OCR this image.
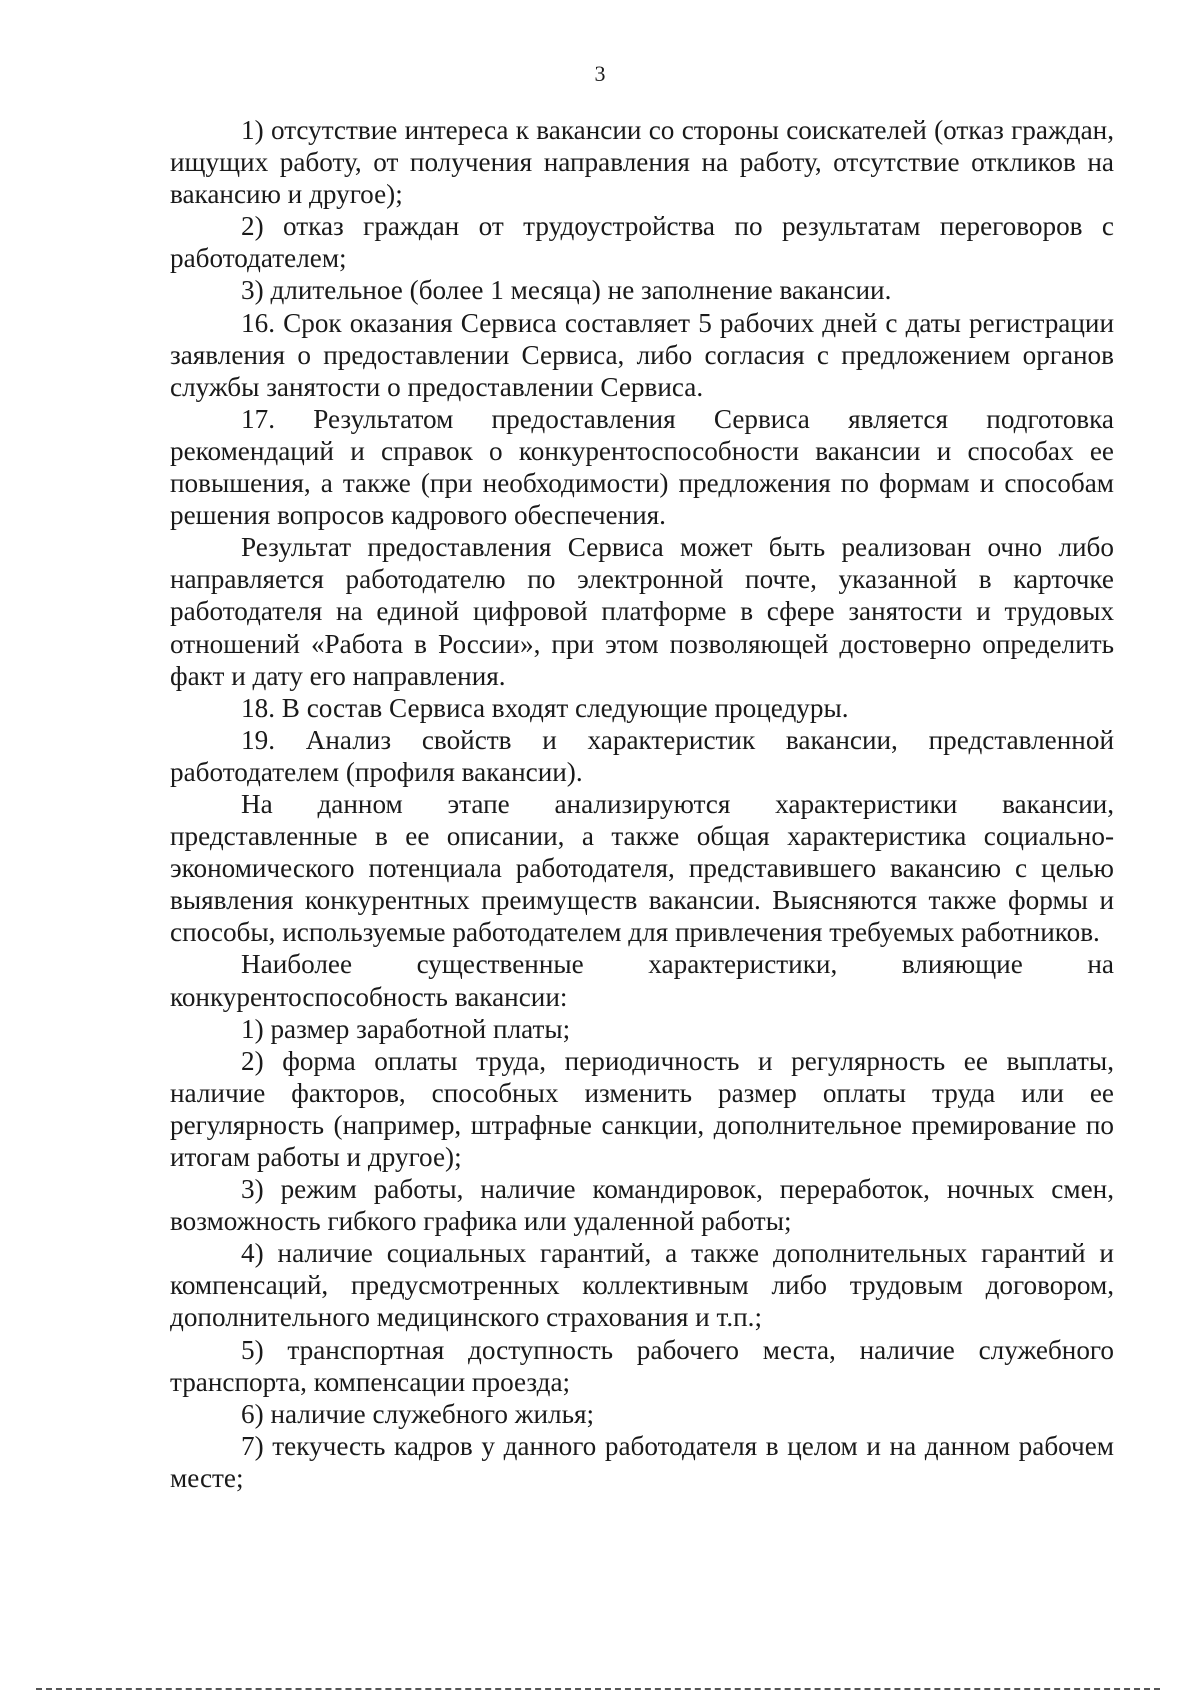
3

1) отсутствие интереса к вакансии со стороны соискателей (отказ граждан, ищущих работу, от получения направления на работу, отсутствие откликов на вакансию и другое);

2) отказ граждан от трудоустройства по результатам переговоров с работодателем;

3) длительное (более 1 месяца) не заполнение вакансии.

16. Срок оказания Сервиса составляет 5 рабочих дней с даты регистрации заявления о предоставлении Сервиса, либо согласия с предложением органов службы занятости о предоставлении Сервиса.

17. Результатом предоставления Сервиса является подготовка рекомендаций и справок о конкурентоспособности вакансии и способах ее повышения, а также (при необходимости) предложения по формам и способам решения вопросов кадрового обеспечения.

Результат предоставления Сервиса может быть реализован очно либо направляется работодателю по электронной почте, указанной в карточке работодателя на единой цифровой платформе в сфере занятости и трудовых отношений «Работа в России», при этом позволяющей достоверно определить факт и дату его направления.

18. В состав Сервиса входят следующие процедуры.

19. Анализ свойств и характеристик вакансии, представленной работодателем (профиля вакансии).

На данном этапе анализируются характеристики вакансии, представленные в ее описании, а также общая характеристика социально-экономического потенциала работодателя, представившего вакансию с целью выявления конкурентных преимуществ вакансии. Выясняются также формы и способы, используемые работодателем для привлечения требуемых работников.

Наиболее существенные характеристики, влияющие на конкурентоспособность вакансии:

1) размер заработной платы;

2) форма оплаты труда, периодичность и регулярность ее выплаты, наличие факторов, способных изменить размер оплаты труда или ее регулярность (например, штрафные санкции, дополнительное премирование по итогам работы и другое);

3) режим работы, наличие командировок, переработок, ночных смен, возможность гибкого графика или удаленной работы;

4) наличие социальных гарантий, а также дополнительных гарантий и компенсаций, предусмотренных коллективным либо трудовым договором, дополнительного медицинского страхования и т.п.;

5) транспортная доступность рабочего места, наличие служебного транспорта, компенсации проезда;

6) наличие служебного жилья;

7) текучесть кадров у данного работодателя в целом и на данном рабочем месте;
